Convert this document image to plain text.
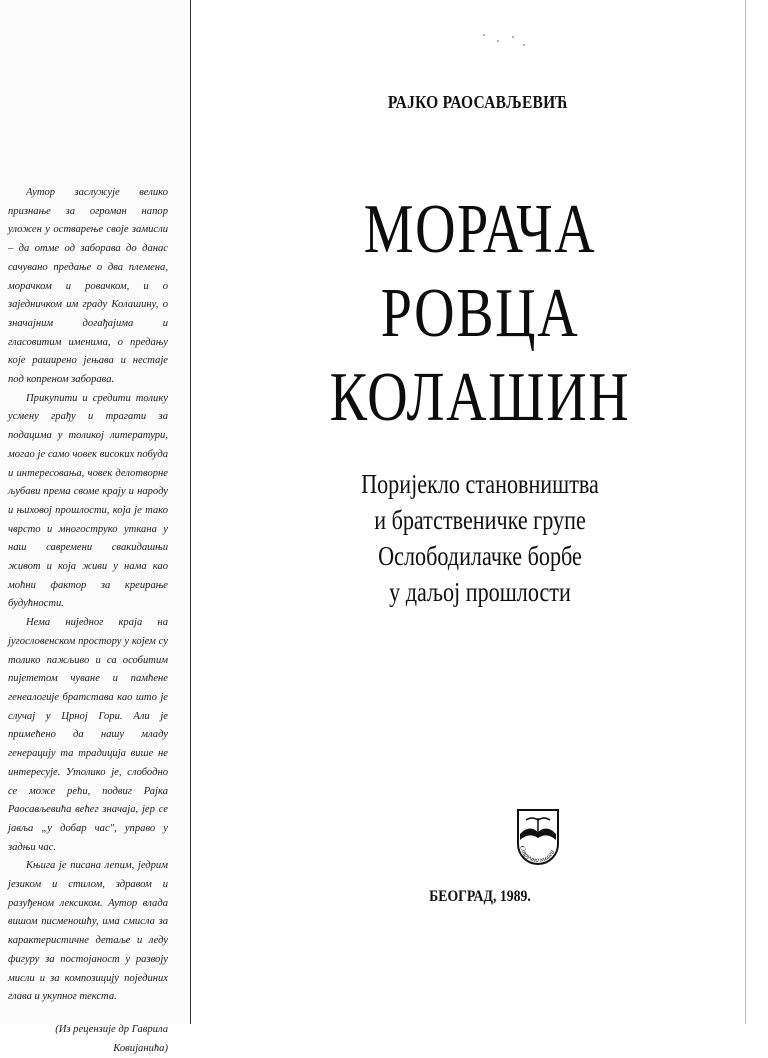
Аутор заслужује велико признање за огроман напор уложен у остварење своје замисли – да отме од заборава до данас сачувано предање о два племена, морачком и ровачком, и о заједничком им граду Колашину, о значајним догађајима и гласовитим именима, о предању које раширено јењава и нестаје под копреном заборава.

Прикупити и средити толику усмену грађу и трагати за подацима у толикој литератури, могао је само човек високих побуда и интересовања, човек делотворне љубави према своме крају и народу и њиховој прошлости, која је тако чврсто и многоструко уткана у наш савремени свакидашњи живот и која живи у нама као моћни фактор за креирање будућности.

Нема ниједног краја на југословенском простору у којем су толико пажљиво и са особитим пијететом чуване и памћене генеалогије братстава као што је случај у Црној Гори. Али је примећено да нашу младу генерацију та традиција више не интересује. Утолико је, слободно се може рећи, подвиг Рајка Раосављевића већег значаја, јер се јавља „у добар час", управо у задњи час.

Књига је писана лепим, једрим језиком и стилом, здравом и разуђеном лексиком. Аутор влада вишом писменошћу, има смисла за карактеристичне детаље и леду фигуру за постојаност у развоју мисли и за композицију појединих глава и укупног текста.

(Из рецензије др Гаврила Ковијанића)

РАЈКО РАОСАВЉЕВИЋ
МОРАЧА
РОВЦА
КОЛАШИН
Поријекло становништва
и братственичке групе
Ослободилачке борбе
у даљој прошлости
Стручна књига
БЕОГРАД, 1989.
